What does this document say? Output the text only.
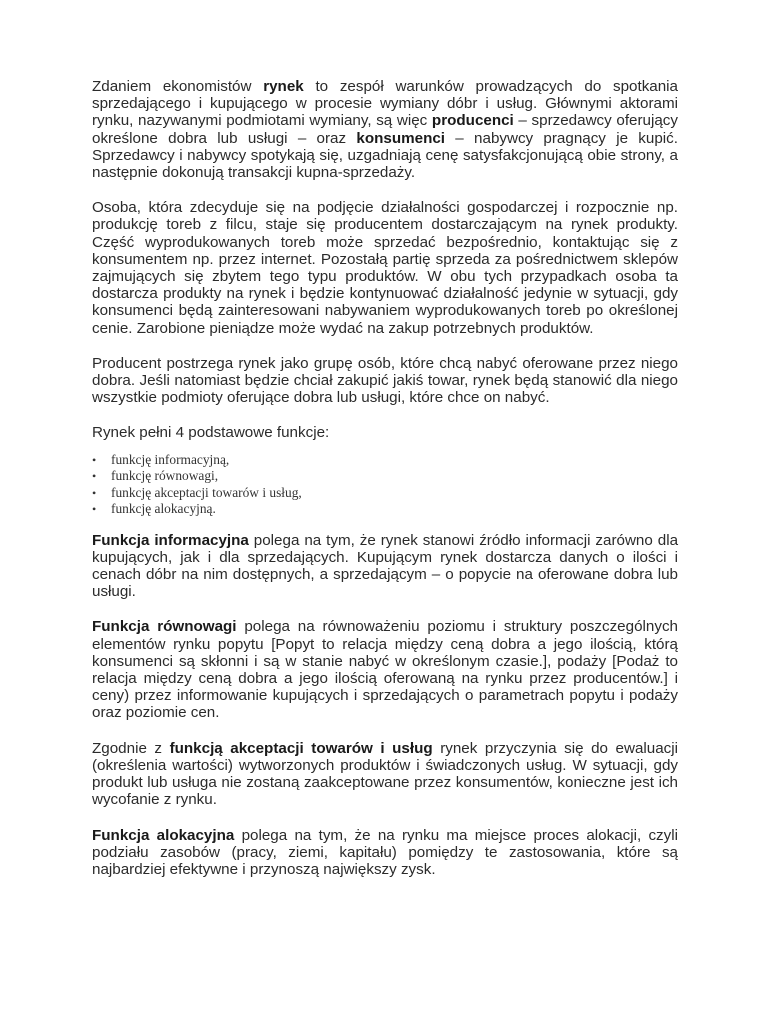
Zdaniem ekonomistów rynek to zespół warunków prowadzących do spotkania sprzedającego i kupującego w procesie wymiany dóbr i usług. Głównymi aktorami rynku, nazywanymi podmiotami wymiany, są więc producenci – sprzedawcy oferujący określone dobra lub usługi – oraz konsumenci – nabywcy pragnący je kupić. Sprzedawcy i nabywcy spotykają się, uzgadniają cenę satysfakcjonującą obie strony, a następnie dokonują transakcji kupna-sprzedaży.

Osoba, która zdecyduje się na podjęcie działalności gospodarczej i rozpocznie np. produkcję toreb z filcu, staje się producentem dostarczającym na rynek produkty. Część wyprodukowanych toreb może sprzedać bezpośrednio, kontaktując się z konsumentem np. przez internet. Pozostałą partię sprzeda za pośrednictwem sklepów zajmujących się zbytem tego typu produktów. W obu tych przypadkach osoba ta dostarcza produkty na rynek i będzie kontynuować działalność jedynie w sytuacji, gdy konsumenci będą zainteresowani nabywaniem wyprodukowanych toreb po określonej cenie. Zarobione pieniądze może wydać na zakup potrzebnych produktów.

Producent postrzega rynek jako grupę osób, które chcą nabyć oferowane przez niego dobra. Jeśli natomiast będzie chciał zakupić jakiś towar, rynek będą stanowić dla niego wszystkie podmioty oferujące dobra lub usługi, które chce on nabyć.

Rynek pełni 4 podstawowe funkcje:

• funkcję informacyjną,
• funkcję równowagi,
• funkcję akceptacji towarów i usług,
• funkcję alokacyjną.

Funkcja informacyjna polega na tym, że rynek stanowi źródło informacji zarówno dla kupujących, jak i dla sprzedających. Kupującym rynek dostarcza danych o ilości i cenach dóbr na nim dostępnych, a sprzedającym – o popycie na oferowane dobra lub usługi.

Funkcja równowagi polega na równoważeniu poziomu i struktury poszczególnych elementów rynku popytu [Popyt to relacja między ceną dobra a jego ilością, którą konsumenci są skłonni i są w stanie nabyć w określonym czasie.], podaży [Podaż to relacja między ceną dobra a jego ilością oferowaną na rynku przez producentów.] i ceny) przez informowanie kupujących i sprzedających o parametrach popytu i podaży oraz poziomie cen.

Zgodnie z funkcją akceptacji towarów i usług rynek przyczynia się do ewaluacji (określenia wartości) wytworzonych produktów i świadczonych usług. W sytuacji, gdy produkt lub usługa nie zostaną zaakceptowane przez konsumentów, konieczne jest ich wycofanie z rynku.

Funkcja alokacyjna polega na tym, że na rynku ma miejsce proces alokacji, czyli podziału zasobów (pracy, ziemi, kapitału) pomiędzy te zastosowania, które są najbardziej efektywne i przynoszą największy zysk.
